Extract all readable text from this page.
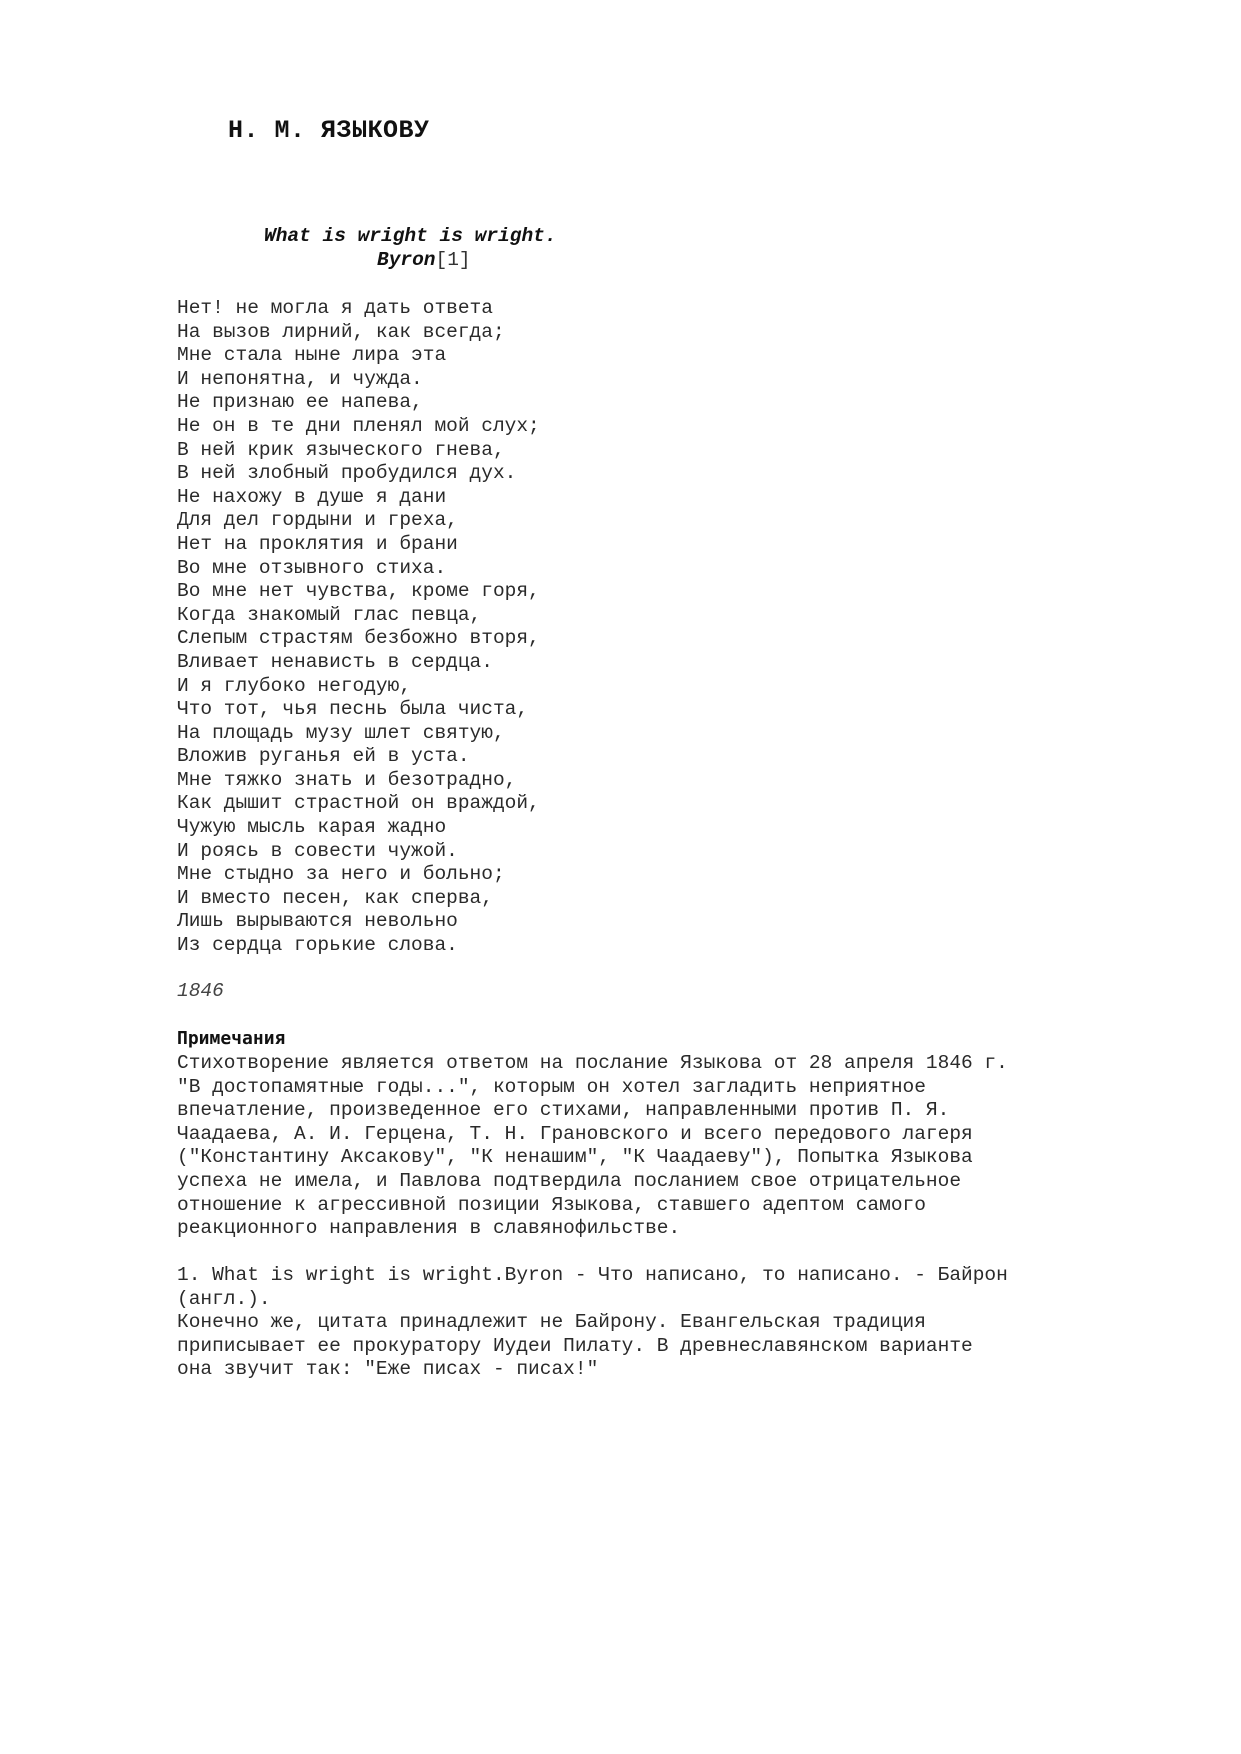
Н. М. ЯЗЫКОВУ
What is wright is wright.
Byron[1]
Нет! не могла я дать ответа
На вызов лирний, как всегда;
Мне стала ныне лира эта
И непонятна, и чужда.
Не признаю ее напева,
Не он в те дни пленял мой слух;
В ней крик языческого гнева,
В ней злобный пробудился дух.
Не нахожу в душе я дани
Для дел гордыни и греха,
Нет на проклятия и брани
Во мне отзывного стиха.
Во мне нет чувства, кроме горя,
Когда знакомый глас певца,
Слепым страстям безбожно вторя,
Вливает ненависть в сердца.
И я глубоко негодую,
Что тот, чья песнь была чиста,
На площадь музу шлет святую,
Вложив руганья ей в уста.
Мне тяжко знать и безотрадно,
Как дышит страстной он враждой,
Чужую мысль карая жадно
И роясь в совести чужой.
Мне стыдно за него и больно;
И вместо песен, как сперва,
Лишь вырываются невольно
Из сердца горькие слова.
1846
Примечания
Стихотворение является ответом на послание Языкова от 28 апреля 1846 г.
"В достопамятные годы...", которым он хотел загладить неприятное
впечатление, произведенное его стихами, направленными против П. Я.
Чаадаева, А. И. Герцена, Т. Н. Грановского и всего передового лагеря
("Константину Аксакову", "К ненашим", "К Чаадаеву"), Попытка Языкова
успеха не имела, и Павлова подтвердила посланием свое отрицательное
отношение к агрессивной позиции Языкова, ставшего адептом самого
реакционного направления в славянофильстве.
1. What is wright is wright.Byron - Что написано, то написано. - Байрон
(англ.).
Конечно же, цитата принадлежит не Байрону. Евангельская традиция
приписывает ее прокуратору Иудеи Пилату. В древнеславянском варианте
она звучит так: "Еже писах - писах!"
